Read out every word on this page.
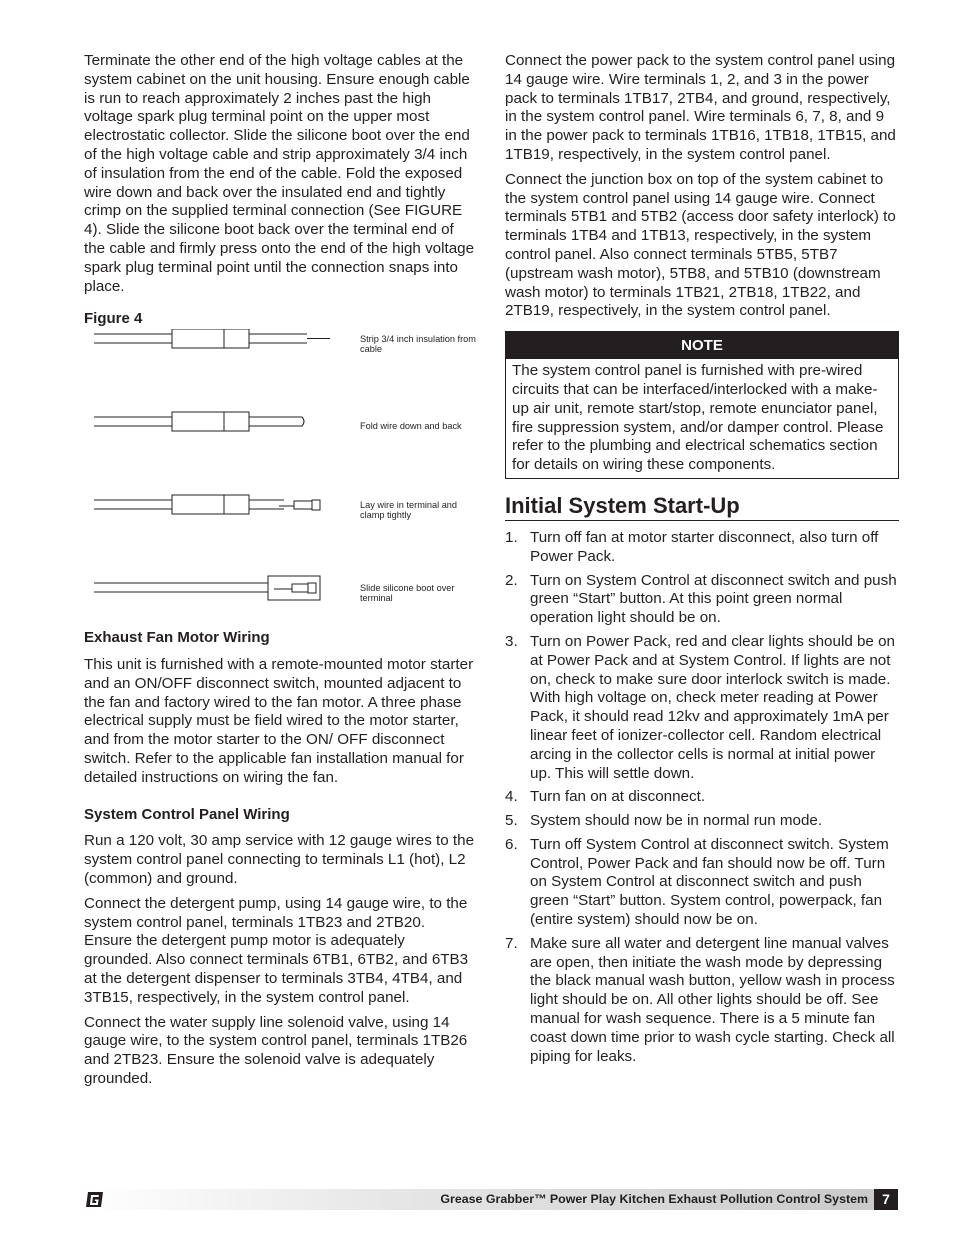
Terminate the other end of the high voltage cables at the system cabinet on the unit housing. Ensure enough cable is run to reach approximately 2 inches past the high voltage spark plug terminal point on the upper most electrostatic collector. Slide the silicone boot over the end of the high voltage cable and strip approximately 3/4 inch of insulation from the end of the cable. Fold the exposed wire down and back over the insulated end and tightly crimp on the supplied terminal connection (See FIGURE 4). Slide the silicone boot back over the terminal end of the cable and firmly press onto the end of the high voltage spark plug terminal point until the connection snaps into place.

Figure 4
Strip 3/4 inch insulation from cable
Fold wire down and back
Lay wire in terminal and clamp tightly
Slide silicone boot over terminal
Exhaust Fan Motor Wiring

This unit is furnished with a remote-mounted motor starter and an ON/OFF disconnect switch, mounted adjacent to the fan and factory wired to the fan motor. A three phase electrical supply must be field wired to the motor starter, and from the motor starter to the ON/ OFF disconnect switch. Refer to the applicable fan installation manual for detailed instructions on wiring the fan.

System Control Panel Wiring

Run a 120 volt, 30 amp service with 12 gauge wires to the system control panel connecting to terminals L1 (hot), L2 (common) and ground.

Connect the detergent pump, using 14 gauge wire, to the system control panel, terminals 1TB23 and 2TB20. Ensure the detergent pump motor is adequately grounded. Also connect terminals 6TB1, 6TB2, and 6TB3 at the detergent dispenser to terminals 3TB4, 4TB4, and 3TB15, respectively, in the system control panel.

Connect the water supply line solenoid valve, using 14 gauge wire, to the system control panel, terminals 1TB26 and 2TB23. Ensure the solenoid valve is adequately grounded.

Connect the power pack to the system control panel using 14 gauge wire. Wire terminals 1, 2, and 3 in the power pack to terminals 1TB17, 2TB4, and ground, respectively, in the system control panel. Wire terminals 6, 7, 8, and 9 in the power pack to terminals 1TB16, 1TB18, 1TB15, and 1TB19, respectively, in the system control panel.

Connect the junction box on top of the system cabinet to the system control panel using 14 gauge wire. Connect terminals 5TB1 and 5TB2 (access door safety interlock) to terminals 1TB4 and 1TB13, respectively, in the system control panel. Also connect terminals 5TB5, 5TB7 (upstream wash motor), 5TB8, and 5TB10 (downstream wash motor) to terminals 1TB21, 2TB18, 1TB22, and 2TB19, respectively, in the system control panel.

NOTE
The system control panel is furnished with pre-wired circuits that can be interfaced/interlocked with a make-up air unit, remote start/stop, remote enunciator panel, fire suppression system, and/or damper control. Please refer to the plumbing and electrical schematics section for details on wiring these components.
Initial System Start-Up
1. Turn off fan at motor starter disconnect, also turn off Power Pack.
2. Turn on System Control at disconnect switch and push green “Start” button. At this point green normal operation light should be on.
3. Turn on Power Pack, red and clear lights should be on at Power Pack and at System Control. If lights are not on, check to make sure door interlock switch is made. With high voltage on, check meter reading at Power Pack, it should read 12kv and approximately 1mA per linear feet of ionizer-collector cell. Random electrical arcing in the collector cells is normal at initial power up. This will settle down.
4. Turn fan on at disconnect.
5. System should now be in normal run mode.
6. Turn off System Control at disconnect switch. System Control, Power Pack and fan should now be off. Turn on System Control at disconnect switch and push green “Start” button. System control, powerpack, fan (entire system) should now be on.
7. Make sure all water and detergent line manual valves are open, then initiate the wash mode by depressing the black manual wash button, yellow wash in process light should be on. All other lights should be off. See manual for wash sequence. There is a 5 minute fan coast down time prior to wash cycle starting. Check all piping for leaks.
Grease Grabber™ Power Play Kitchen Exhaust Pollution Control System	7
